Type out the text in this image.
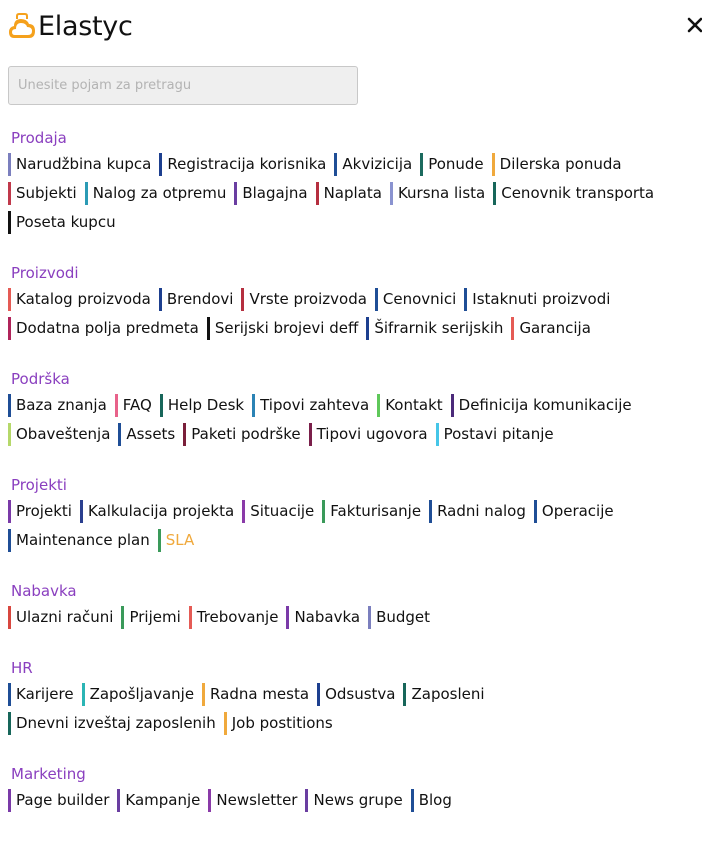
Elastyc
Unesite pojam za pretragu
Prodaja
Narudžbina kupca	Registracija korisnika	Akvizicija	Ponude	Dilerska ponuda
Subjekti	Nalog za otpremu	Blagajna	Naplata	Kursna lista	Cenovnik transporta
Poseta kupcu
Proizvodi
Katalog proizvoda	Brendovi	Vrste proizvoda	Cenovnici	Istaknuti proizvodi
Dodatna polja predmeta	Serijski brojevi deff	Šifrarnik serijskih	Garancija
Podrška
Baza znanja	FAQ	Help Desk	Tipovi zahteva	Kontakt	Definicija komunikacije
Obaveštenja	Assets	Paketi podrške	Tipovi ugovora	Postavi pitanje
Projekti
Projekti	Kalkulacija projekta	Situacije	Fakturisanje	Radni nalog	Operacije
Maintenance plan	SLA
Nabavka
Ulazni računi	Prijemi	Trebovanje	Nabavka	Budget
HR
Karijere	Zapošljavanje	Radna mesta	Odsustva	Zaposleni
Dnevni izveštaj zaposlenih	Job postitions
Marketing
Page builder	Kampanje	Newsletter	News grupe	Blog
